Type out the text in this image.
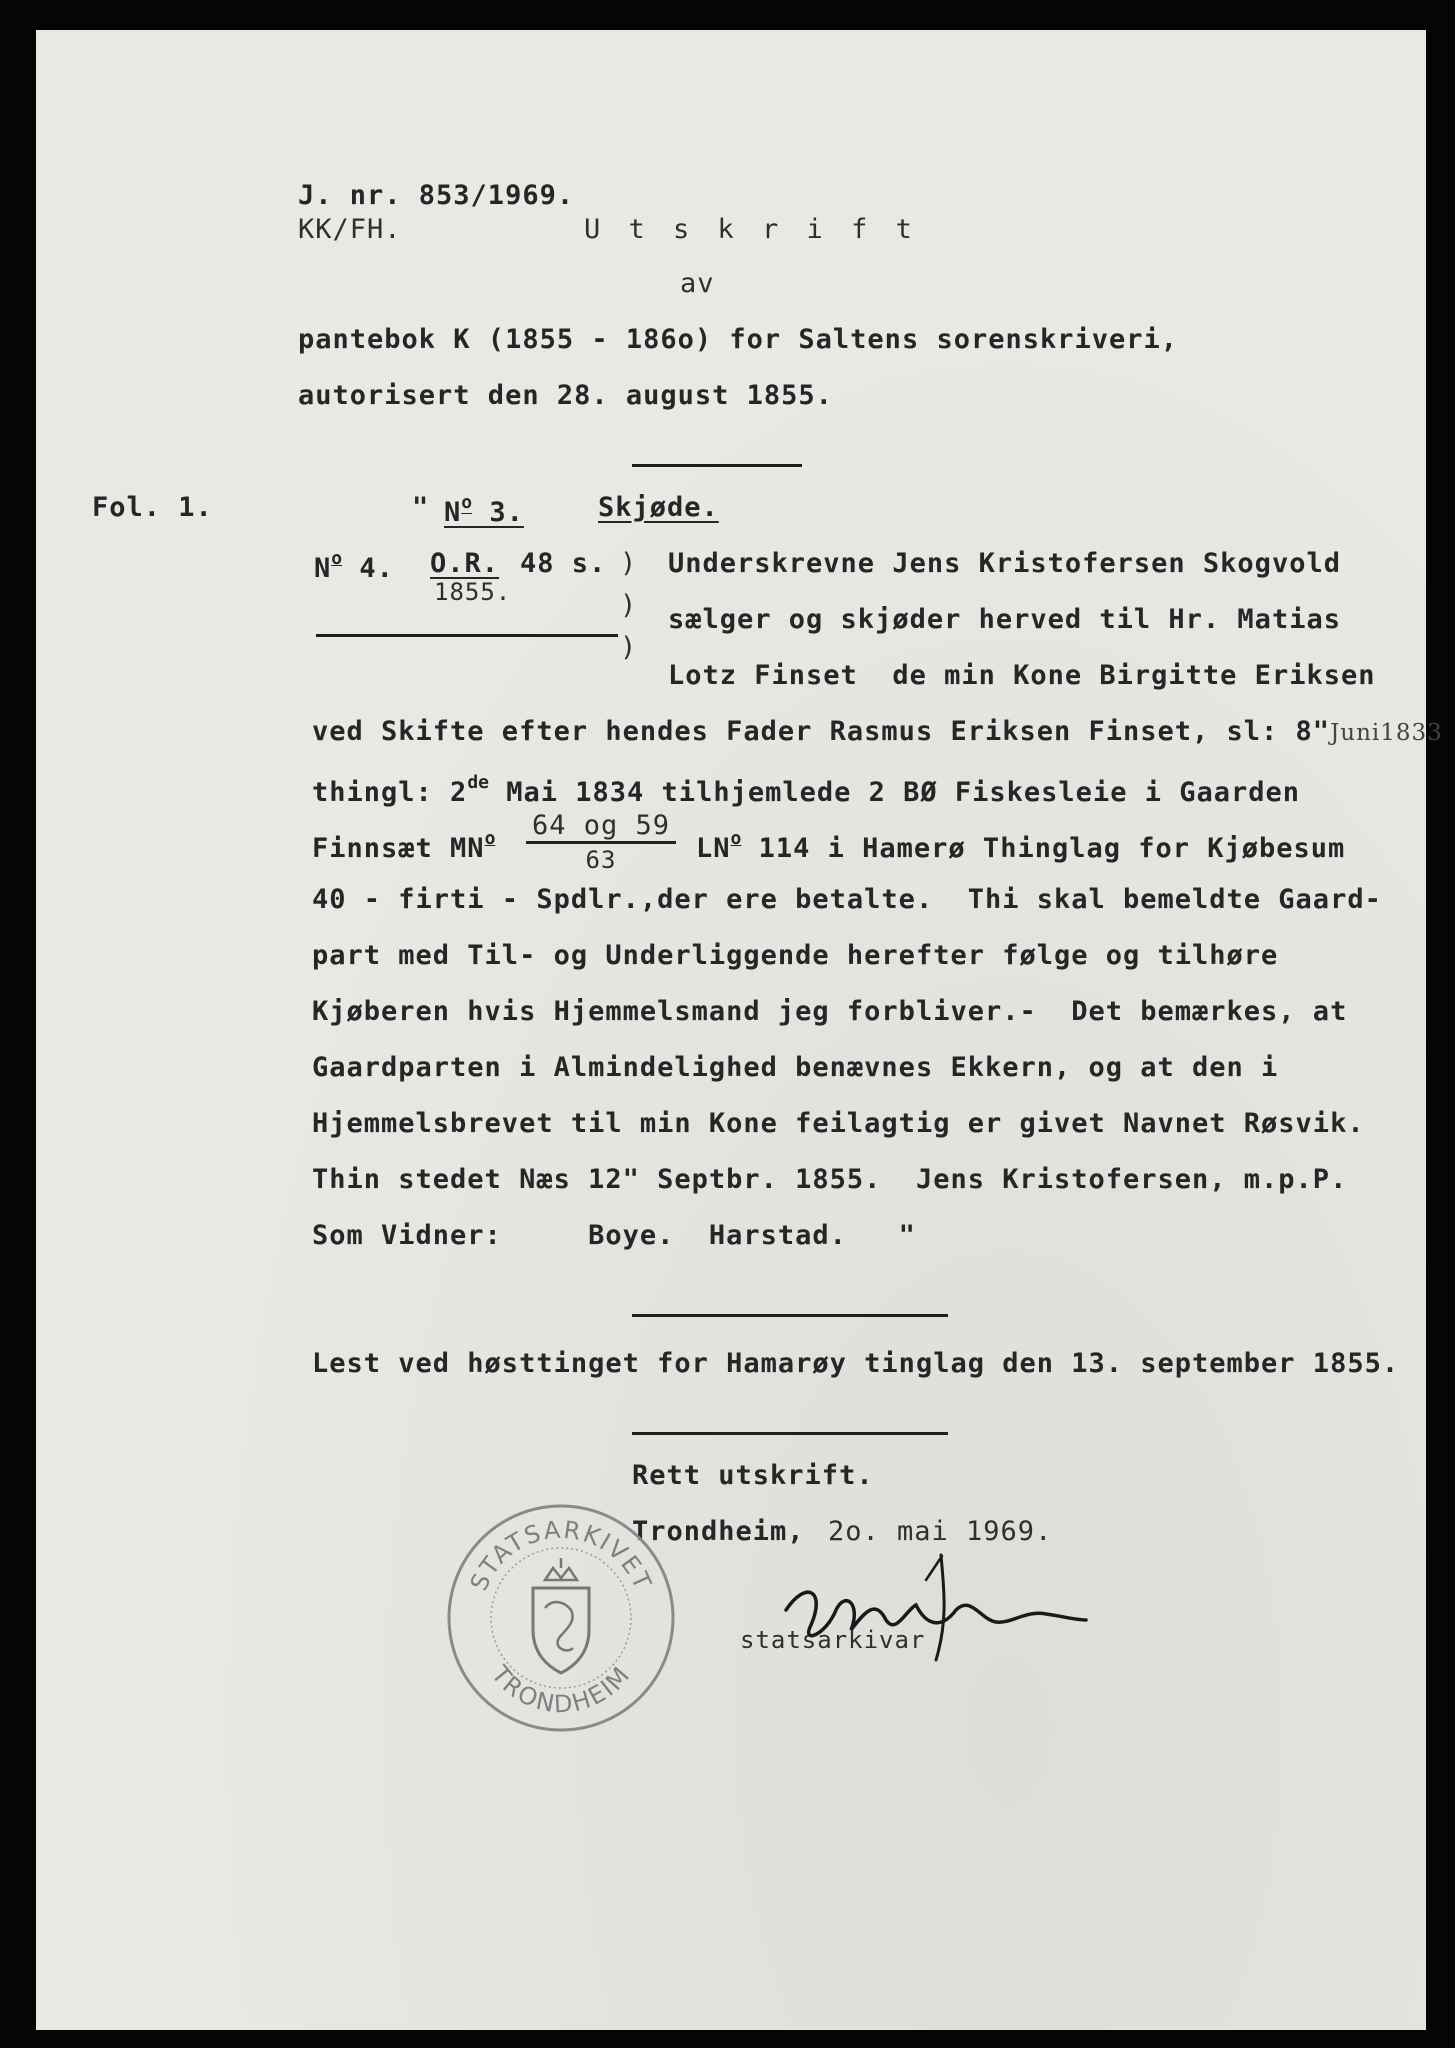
J. nr. 853/1969.
KK/FH.	U t s k r i f t
av
pantebok K (1855 - 186o) for Saltens sorenskriveri,
autorisert den 28. august 1855.
Fol. 1.	" $N^o$ 3.	Skjøde.
$N^o$ 4. O.R. 48 s.
1855.
)
)
)
Underskrevne Jens Kristofersen Skogvold
sælger og skjøder herved til Hr. Matias
Lotz Finset  de min Kone Birgitte Eriksen
ved Skifte efter hendes Fader Rasmus Eriksen Finset, sl: 8"Juni1833
thingl: 2de Mai 1834 tilhjemlede 2 BØ Fiskesleie i Gaarden
Finnsæt $MN^o$ 64 og 59
63	$LN^o$ 114 i Hamerø Thinglag for Kjøbesum
40 - firti - Spdlr.,der ere betalte.  Thi skal bemeldte Gaard-
part med Til- og Underliggende herefter følge og tilhøre
Kjøberen hvis Hjemmelsmand jeg forbliver.-  Det bemærkes, at
Gaardparten i Almindelighed benævnes Ekkern, og at den i
Hjemmelsbrevet til min Kone feilagtig er givet Navnet Røsvik.
Thin stedet Næs 12" Septbr. 1855.  Jens Kristofersen, m.p.P.
Som Vidner:     Boye.  Harstad.   "
Lest ved høsttinget for Hamarøy tinglag den 13. september 1855.
Rett utskrift.
Trondheim, 2o. mai 1969.
statsarkivar
STATSARKIVET
TRONDHEIM
